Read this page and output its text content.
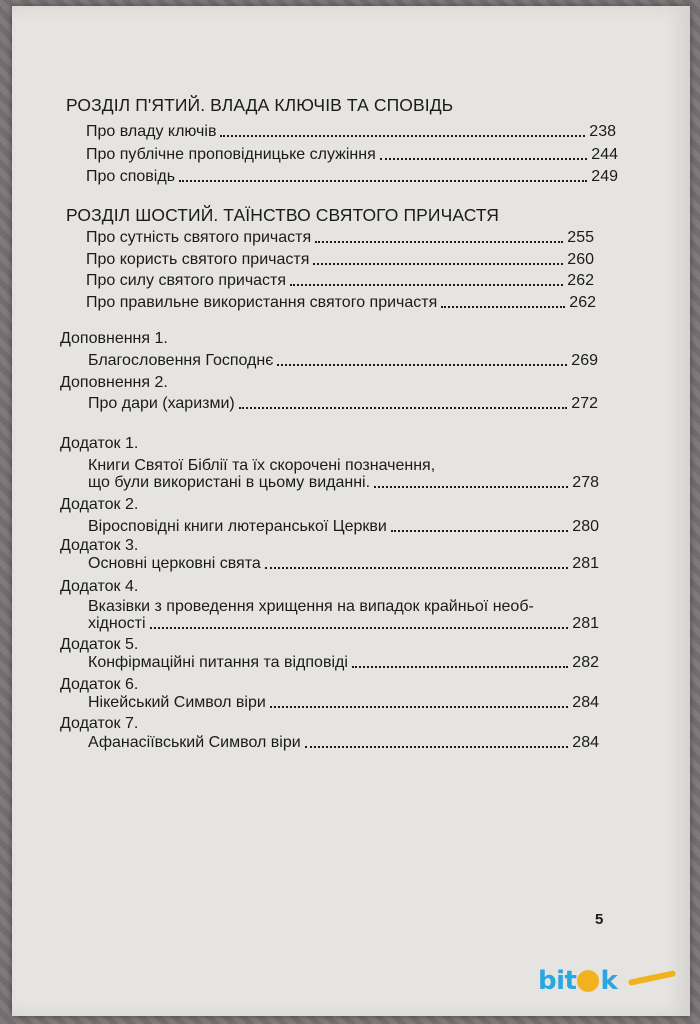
РОЗДІЛ П'ЯТИЙ. ВЛАДА КЛЮЧІВ ТА СПОВІДЬ
Про владу ключів	238
Про публічне проповідницьке служіння	244
Про сповідь	249
РОЗДІЛ ШОСТИЙ. ТАЇНСТВО СВЯТОГО ПРИЧАСТЯ
Про сутність святого причастя	255
Про користь святого причастя	260
Про силу святого причастя	262
Про правильне використання святого причастя	262
Доповнення 1.
Благословення Господнє	269
Доповнення 2.
Про дари (харизми)	272
Додаток 1.
Книги Святої Біблії та їх скорочені позначення,
що були використані в цьому виданні.	278
Додаток 2.
Віросповідні книги лютеранської Церкви	280
Додаток 3.
Основні церковні свята	281
Додаток 4.
Вказівки з проведення хрищення на випадок крайньої необ-
хідності	281
Додаток 5.
Конфірмаційні питання та відповіді	282
Додаток 6.
Нікейський Символ віри	284
Додаток 7.
Афанасіївський Символ віри	284
5
bit k
